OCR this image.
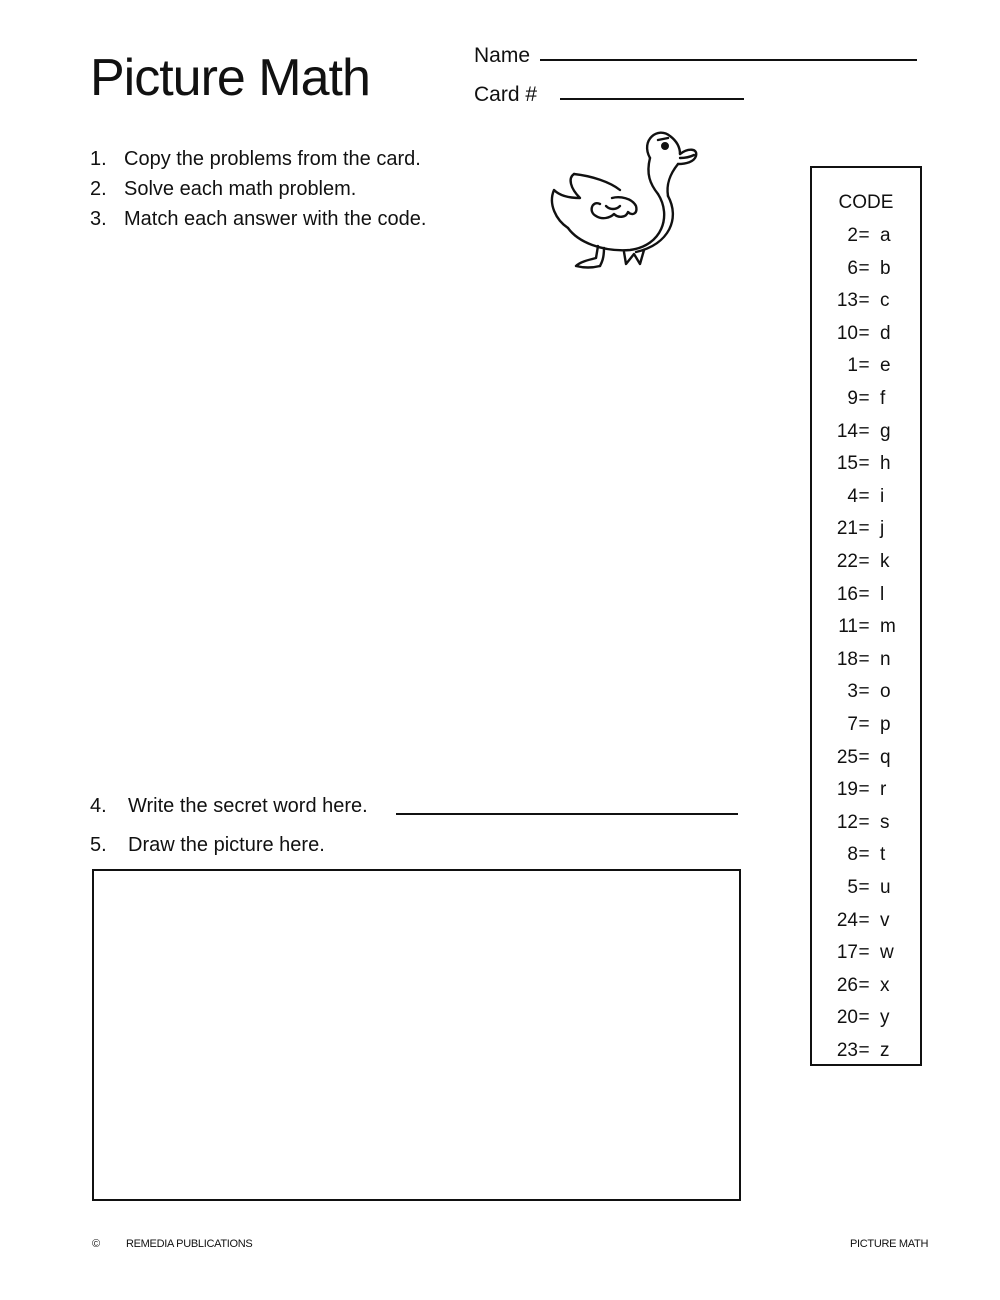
Picture Math	Name
Card #
1. Copy the problems from the card.
2. Solve each math problem.
3. Match each answer with the code.
CODE
2 = a
6 = b
13 = c
10 = d
1 = e
9 = f
14 = g
15 = h
4 = i
21 = j
22 = k
16 = l
11 = m
18 = n
3 = o
7 = p
25 = q
19 = r
12 = s
8 = t
5 = u
24 = v
17 = w
26 = x
20 = y
23 = z
4. Write the secret word here.
5. Draw the picture here.
© REMEDIA PUBLICATIONS	PICTURE MATH
